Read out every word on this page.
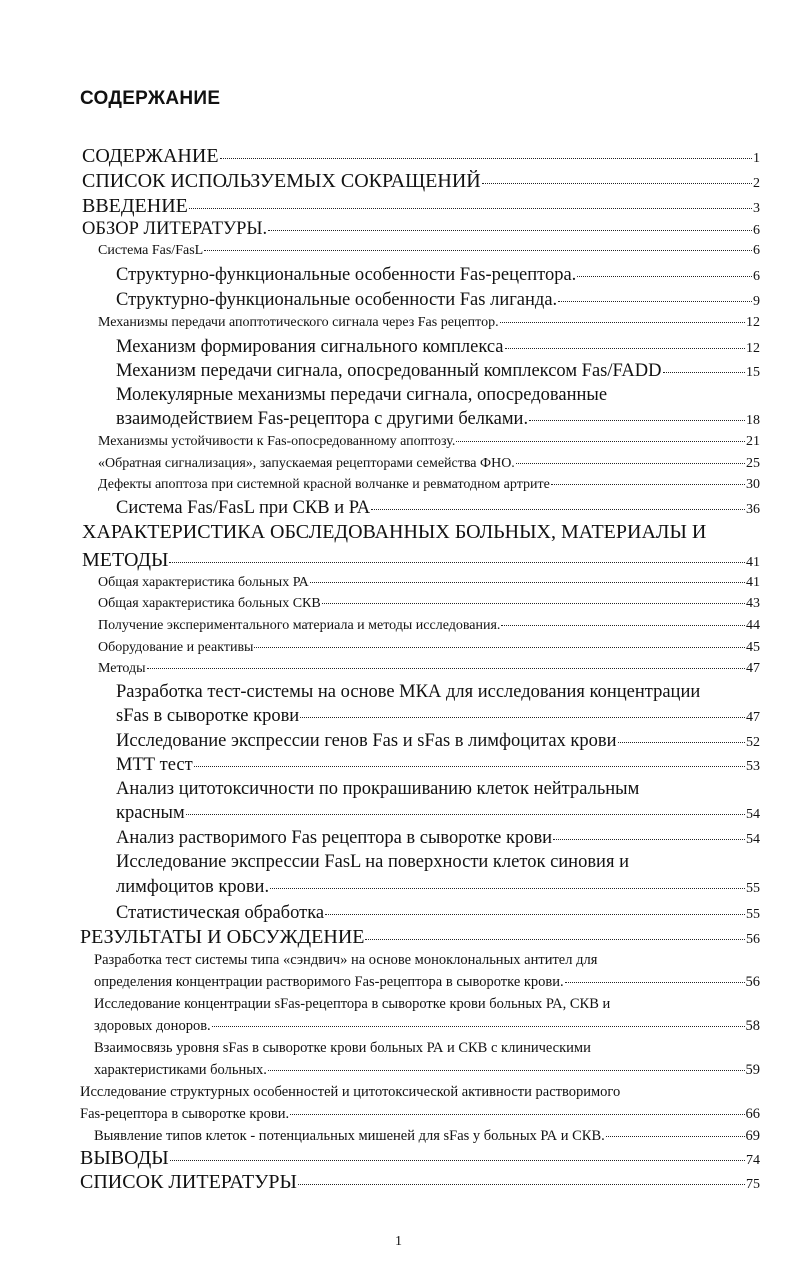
СОДЕРЖАНИЕ
СОДЕРЖАНИЕ	1
СПИСОК ИСПОЛЬЗУЕМЫХ СОКРАЩЕНИЙ	2
ВВЕДЕНИЕ	3
ОБЗОР ЛИТЕРАТУРЫ.	6
Система Fas/FasL	6
Структурно-функциональные особенности Fas-рецептора.	6
Структурно-функциональные особенности Fas лиганда.	9
Механизмы передачи апоптотического сигнала через Fas рецептор.	12
Механизм формирования сигнального комплекса	12
Механизм передачи сигнала, опосредованный комплексом Fas/FADD	15
Молекулярные механизмы передачи сигнала, опосредованные
взаимодействием Fas-рецептора с другими белками.	18
Механизмы устойчивости к Fas-опосредованному апоптозу.	21
«Обратная сигнализация», запускаемая рецепторами семейства ФНО.	25
Дефекты апоптоза при системной красной волчанке и ревматодном артрите	30
Система Fas/FasL при СКВ и РА	36
ХАРАКТЕРИСТИКА ОБСЛЕДОВАННЫХ БОЛЬНЫХ, МАТЕРИАЛЫ И
МЕТОДЫ	41
Общая характеристика больных РА	41
Общая характеристика больных СКВ	43
Получение экспериментального материала и методы исследования.	44
Оборудование и реактивы	45
Методы	47
Разработка тест-системы на основе МКА для исследования концентрации
sFas в сыворотке крови	47
Исследование экспрессии генов Fas и sFas в лимфоцитах крови	52
МТТ тест	53
Анализ цитотоксичности по прокрашиванию клеток нейтральным
красным	54
Анализ растворимого Fas рецептора в сыворотке крови	54
Исследование экспрессии FasL на поверхности клеток синовия и
лимфоцитов крови.	55
Статистическая обработка	55
РЕЗУЛЬТАТЫ И ОБСУЖДЕНИЕ	56
Разработка тест системы типа «сэндвич» на основе моноклональных антител для
определения концентрации растворимого Fas-рецептора в сыворотке крови.	56
Исследование концентрации sFas-рецептора в сыворотке крови больных РА, СКВ и
здоровых доноров.	58
Взаимосвязь уровня sFas в сыворотке крови больных РА и СКВ с клиническими
характеристиками больных.	59
Исследование структурных особенностей и цитотоксической активности растворимого
Fas-рецептора в сыворотке крови.	66
Выявление типов клеток - потенциальных мишеней для sFas у больных РА и СКВ.	69
ВЫВОДЫ	74
СПИСОК ЛИТЕРАТУРЫ	75
1
